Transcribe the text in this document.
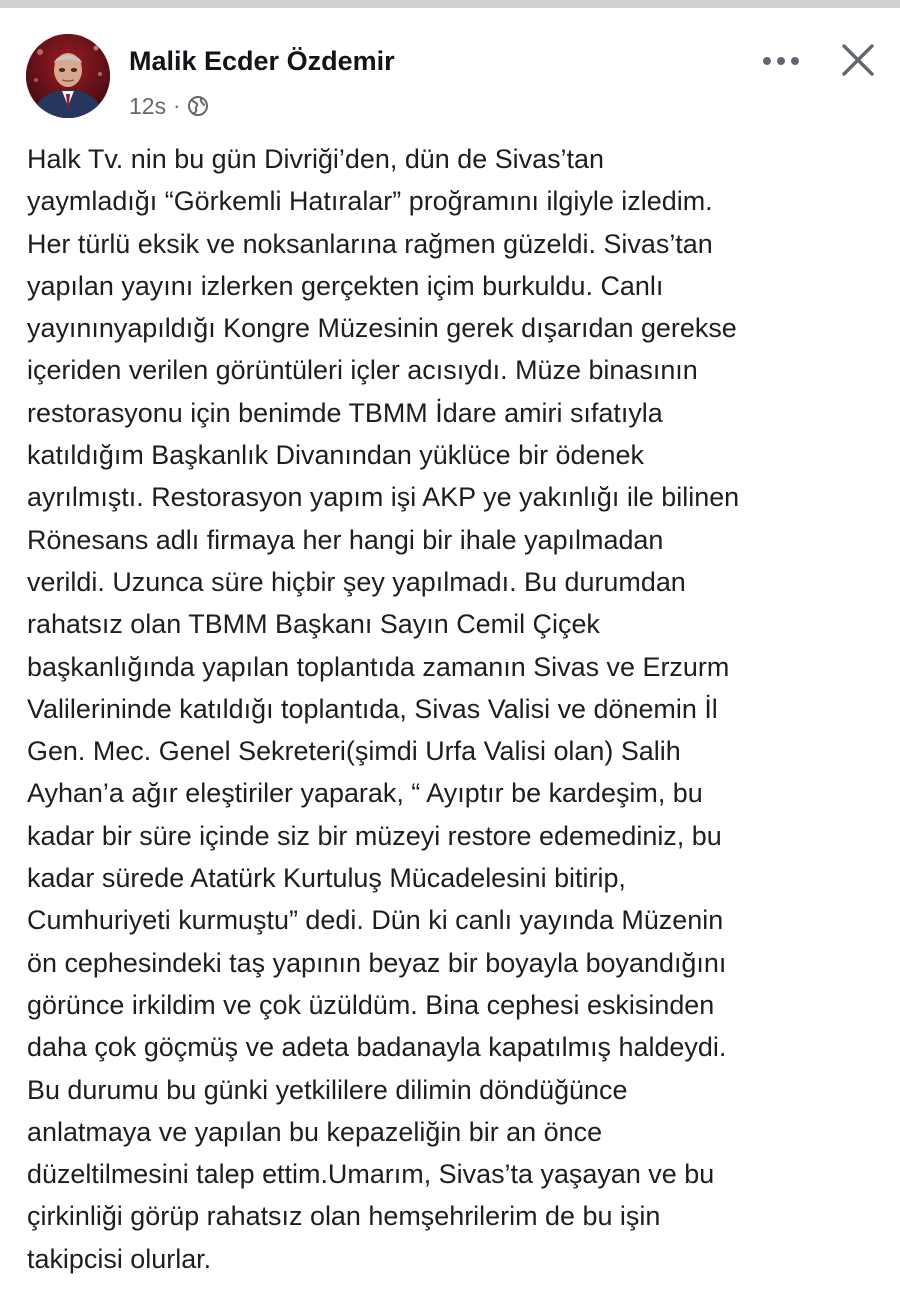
Malik Ecder Özdemir
12s ·
Halk Tv. nin bu gün Divriği’den, dün de Sivas’tan
yaymladığı “Görkemli Hatıralar” proğramını ilgiyle izledim.
Her türlü eksik ve noksanlarına rağmen güzeldi. Sivas’tan
yapılan yayını izlerken gerçekten içim burkuldu. Canlı
yayınınyapıldığı Kongre Müzesinin gerek dışarıdan gerekse
içeriden verilen görüntüleri içler acısıydı. Müze binasının
restorasyonu için benimde TBMM İdare amiri sıfatıyla
katıldığım Başkanlık Divanından yüklüce bir ödenek
ayrılmıştı. Restorasyon yapım işi AKP ye yakınlığı ile bilinen
Rönesans adlı firmaya her hangi bir ihale yapılmadan
verildi. Uzunca süre hiçbir şey yapılmadı. Bu durumdan
rahatsız olan TBMM Başkanı Sayın Cemil Çiçek
başkanlığında yapılan toplantıda zamanın Sivas ve Erzurm
Valilerininde katıldığı toplantıda, Sivas Valisi ve dönemin İl
Gen. Mec. Genel Sekreteri(şimdi Urfa Valisi olan) Salih
Ayhan’a ağır eleştiriler yaparak, “ Ayıptır be kardeşim, bu
kadar bir süre içinde siz bir müzeyi restore edemediniz, bu
kadar sürede Atatürk Kurtuluş Mücadelesini bitirip,
Cumhuriyeti kurmuştu” dedi. Dün ki canlı yayında Müzenin
ön cephesindeki taş yapının beyaz bir boyayla boyandığını
görünce irkildim ve çok üzüldüm. Bina cephesi eskisinden
daha çok göçmüş ve adeta badanayla kapatılmış haldeydi.
Bu durumu bu günki yetkililere dilimin döndüğünce
anlatmaya ve yapılan bu kepazeliğin bir an önce
düzeltilmesini talep ettim.Umarım, Sivas’ta yaşayan ve bu
çirkinliği görüp rahatsız olan hemşehrilerim de bu işin
takipcisi olurlar.
